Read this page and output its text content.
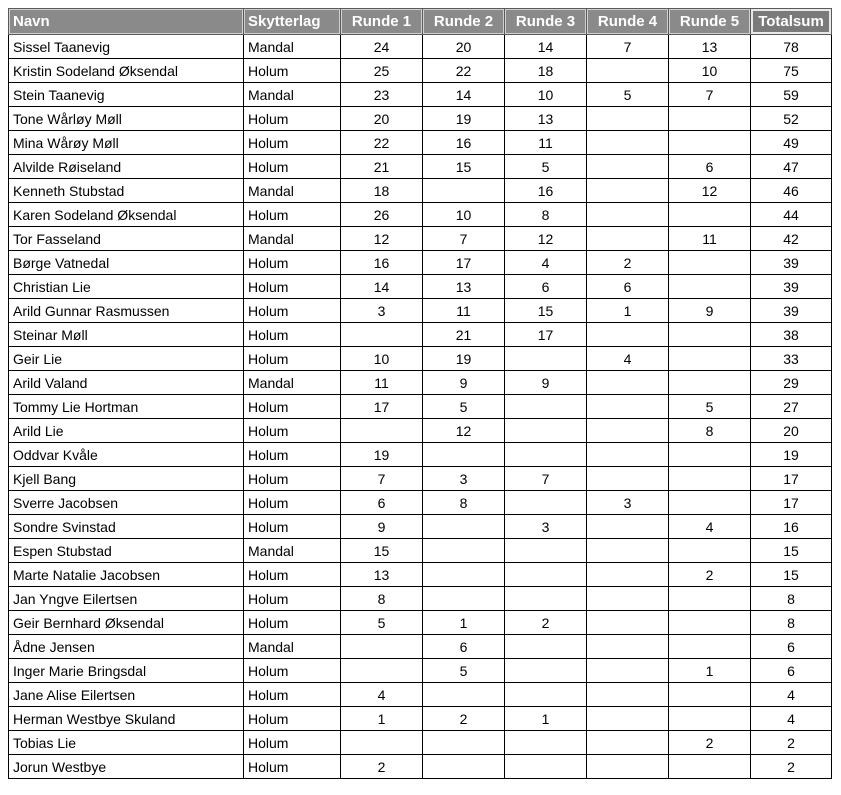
Navn	Skytterlag	Runde 1	Runde 2	Runde 3	Runde 4	Runde 5	Totalsum
Sissel Taanevig	Mandal	24	20	14	7	13	78
Kristin Sodeland Øksendal	Holum	25	22	18		10	75
Stein Taanevig	Mandal	23	14	10	5	7	59
Tone Wårløy Møll	Holum	20	19	13			52
Mina Wårøy Møll	Holum	22	16	11			49
Alvilde Røiseland	Holum	21	15	5		6	47
Kenneth Stubstad	Mandal	18		16		12	46
Karen Sodeland Øksendal	Holum	26	10	8			44
Tor Fasseland	Mandal	12	7	12		11	42
Børge Vatnedal	Holum	16	17	4	2		39
Christian Lie	Holum	14	13	6	6		39
Arild Gunnar Rasmussen	Holum	3	11	15	1	9	39
Steinar Møll	Holum		21	17			38
Geir Lie	Holum	10	19		4		33
Arild Valand	Mandal	11	9	9			29
Tommy Lie Hortman	Holum	17	5			5	27
Arild Lie	Holum		12			8	20
Oddvar Kvåle	Holum	19					19
Kjell Bang	Holum	7	3	7			17
Sverre Jacobsen	Holum	6	8		3		17
Sondre Svinstad	Holum	9		3		4	16
Espen Stubstad	Mandal	15					15
Marte Natalie Jacobsen	Holum	13				2	15
Jan Yngve Eilertsen	Holum	8					8
Geir Bernhard Øksendal	Holum	5	1	2			8
Ådne Jensen	Mandal		6				6
Inger Marie Bringsdal	Holum		5			1	6
Jane Alise Eilertsen	Holum	4					4
Herman Westbye Skuland	Holum	1	2	1			4
Tobias Lie	Holum					2	2
Jorun Westbye	Holum	2					2
